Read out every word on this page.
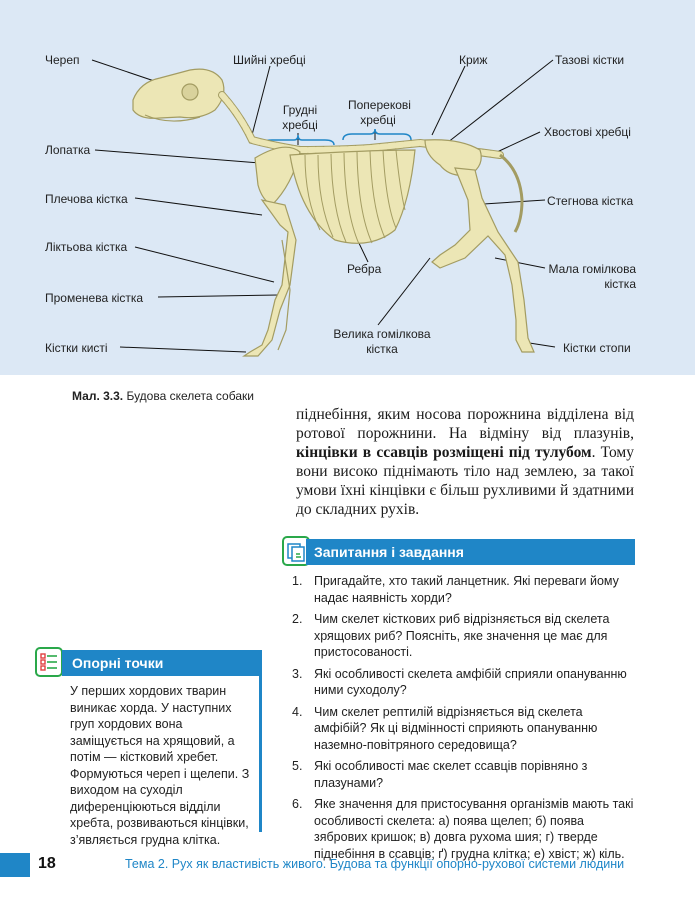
Череп	Шийні хребці
Грудні хребці
Поперекові хребці
Криж	Тазові кістки
Хвостові хребці
Лопатка
Плечова кістка
Ліктьова кістка
Променева кістка
Кістки кисті
Ребра
Стегнова кістка
Мала гомілкова кістка
Велика гомілкова кістка	Кістки стопи
Мал. 3.3. Будова скелета собаки
піднебіння, яким носова порожнина відділена від ротової порожнини. На відміну від плазунів, кінцівки в ссавців розміщені під тулубом. Тому вони високо піднімають тіло над землею, за такої умови їхні кінцівки є більш рухливими й здатними до складних рухів.
Запитання і завдання
1. Пригадайте, хто такий ланцетник. Які переваги йому надає наявність хорди?
2. Чим скелет кісткових риб відрізняється від скелета хрящових риб? Поясніть, яке значення це має для пристосованості.
3. Які особливості скелета амфібій сприяли опануванню ними суходолу?
4. Чим скелет рептилій відрізняється від скелета амфібій? Як ці відмінності сприяють опануванню наземно-повітряного середовища?
5. Які особливості має скелет ссавців порівняно з плазунами?
6. Яке значення для пристосування організмів мають такі особливості скелета: а) поява щелеп; б) поява зябрових кришок; в) довга рухома шия; г) тверде піднебіння в ссавців; ґ) грудна клітка; е) хвіст; ж) кіль.
Опорні точки
У перших хордових тварин виникає хорда. У наступних груп хордових вона заміщується на хрящовий, а потім — кістковий хребет. Формуються череп і щелепи. З виходом на суходіл диференціюються відділи хребта, розвиваються кінцівки, з’являється грудна клітка.
18	Тема 2. Рух як властивість живого. Будова та функції опорно-рухової системи людини
